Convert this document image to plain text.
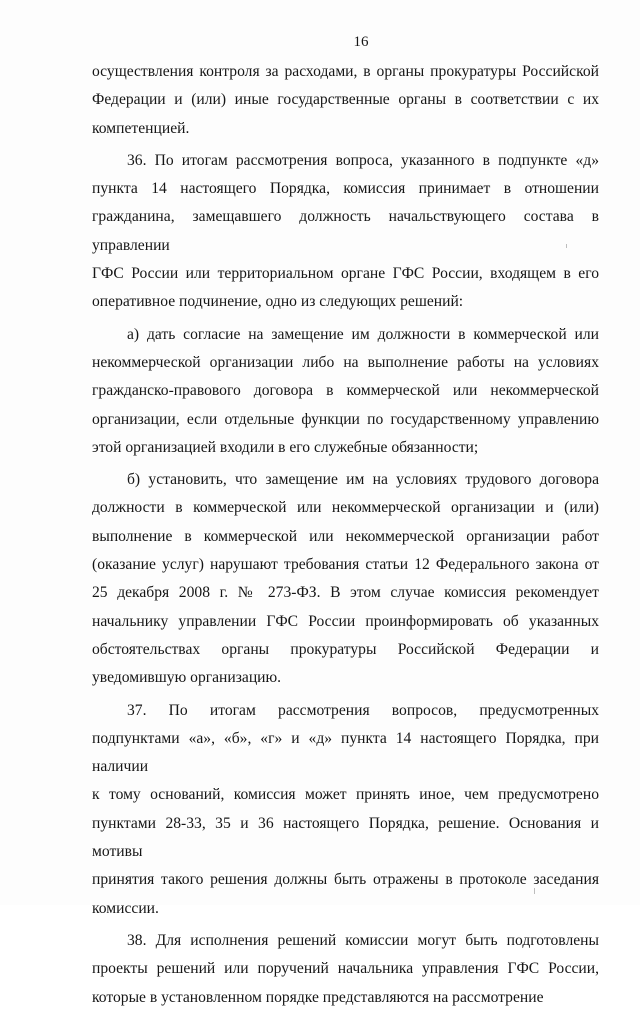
16
осуществления контроля за расходами, в органы прокуратуры Российской
Федерации и (или) иные государственные органы в соответствии с их
компетенцией.
36. По итогам рассмотрения вопроса, указанного в подпункте «д»
пункта 14 настоящего Порядка, комиссия принимает в отношении
гражданина, замещавшего должность начальствующего состава в управлении
ГФС России или территориальном органе ГФС России, входящем в его
оперативное подчинение, одно из следующих решений:
а) дать согласие на замещение им должности в коммерческой или
некоммерческой организации либо на выполнение работы на условиях
гражданско-правового договора в коммерческой или некоммерческой
организации, если отдельные функции по государственному управлению
этой организацией входили в его служебные обязанности;
б) установить, что замещение им на условиях трудового договора
должности в коммерческой или некоммерческой организации и (или)
выполнение в коммерческой или некоммерческой организации работ
(оказание услуг) нарушают требования статьи 12 Федерального закона от
25 декабря 2008 г. № 273-ФЗ. В этом случае комиссия рекомендует
начальнику управлении ГФС России проинформировать об указанных
обстоятельствах органы прокуратуры Российской Федерации и
уведомившую организацию.
37. По итогам рассмотрения вопросов, предусмотренных
подпунктами «а», «б», «г» и «д» пункта 14 настоящего Порядка, при наличии
к тому оснований, комиссия может принять иное, чем предусмотрено
пунктами 28-33, 35 и 36 настоящего Порядка, решение. Основания и мотивы
принятия такого решения должны быть отражены в протоколе заседания
комиссии.
38. Для исполнения решений комиссии могут быть подготовлены
проекты решений или поручений начальника управления ГФС России,
которые в установленном порядке представляются на рассмотрение
